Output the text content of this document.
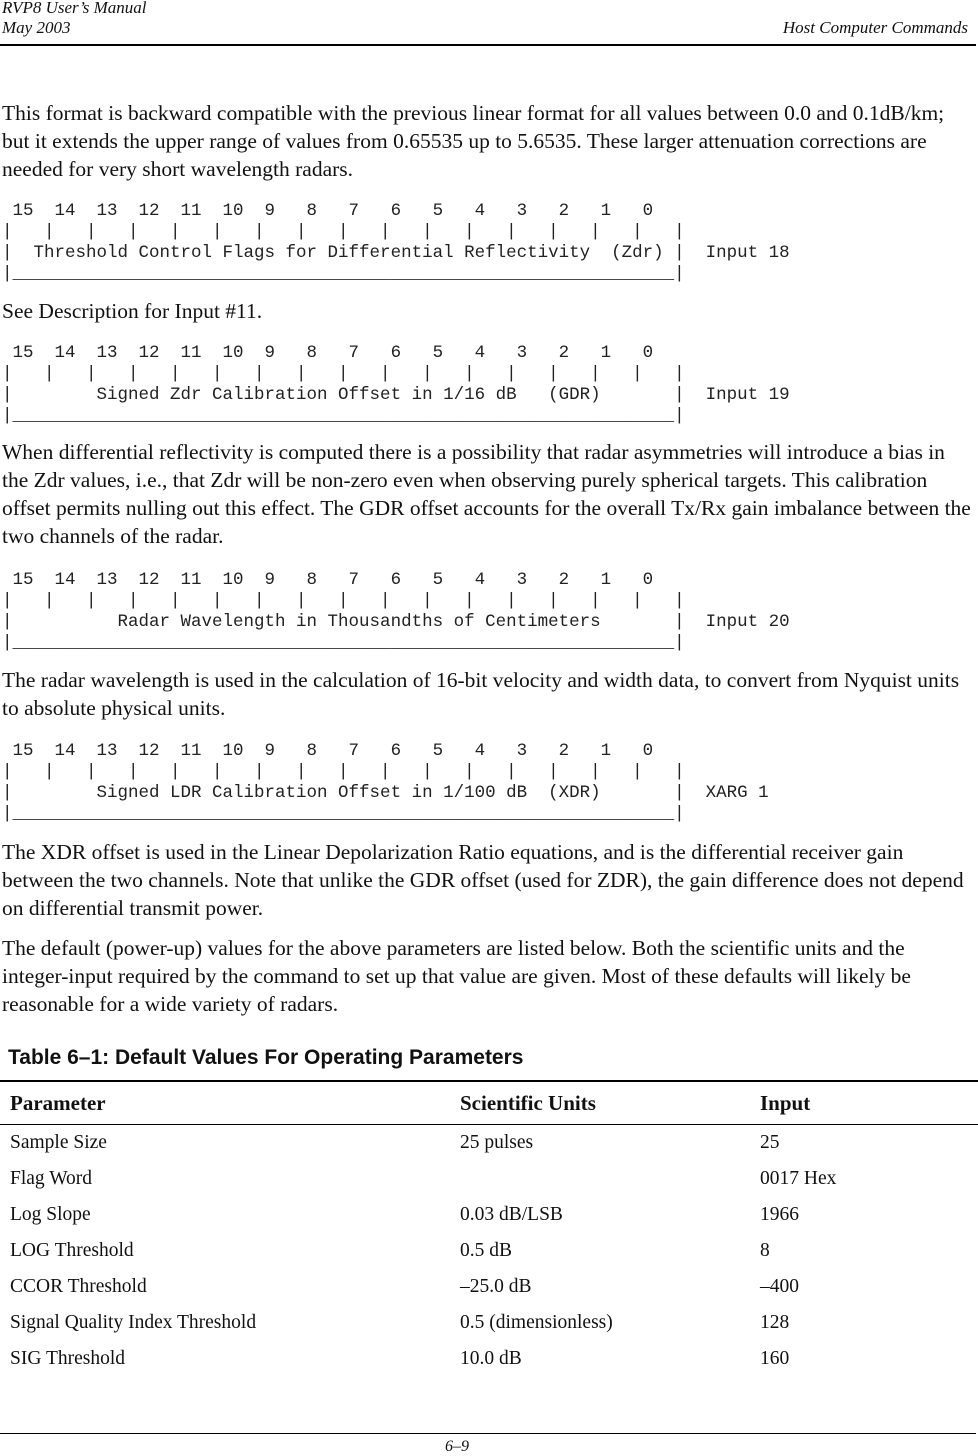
RVP8 User’s Manual
May 2003	Host Computer Commands

This format is backward compatible with the previous linear format for all values between 0.0 and 0.1dB/km; but it extends the upper range of values from 0.65535 up to 5.6535. These larger attenuation corrections are needed for very short wavelength radars.

15  14  13  12  11  10  9   8   7   6   5   4   3   2   1   0
|   |   |   |   |   |   |   |   |   |   |   |   |   |   |   |   |
|  Threshold Control Flags for Differential Reflectivity  (Zdr) |  Input 18
|_______________________________________________________________|

See Description for Input #11.

15  14  13  12  11  10  9   8   7   6   5   4   3   2   1   0
|   |   |   |   |   |   |   |   |   |   |   |   |   |   |   |   |
|        Signed Zdr Calibration Offset in 1/16 dB   (GDR)       |  Input 19
|_______________________________________________________________|

When differential reflectivity is computed there is a possibility that radar asymmetries will introduce a bias in the Zdr values, i.e., that Zdr will be non-zero even when observing purely spherical targets. This calibration offset permits nulling out this effect. The GDR offset accounts for the overall Tx/Rx gain imbalance between the two channels of the radar.

15  14  13  12  11  10  9   8   7   6   5   4   3   2   1   0
|   |   |   |   |   |   |   |   |   |   |   |   |   |   |   |   |
|          Radar Wavelength in Thousandths of Centimeters       |  Input 20
|_______________________________________________________________|

The radar wavelength is used in the calculation of 16-bit velocity and width data, to convert from Nyquist units to absolute physical units.

15  14  13  12  11  10  9   8   7   6   5   4   3   2   1   0
|   |   |   |   |   |   |   |   |   |   |   |   |   |   |   |   |
|        Signed LDR Calibration Offset in 1/100 dB  (XDR)       |  XARG 1
|_______________________________________________________________|

The XDR offset is used in the Linear Depolarization Ratio equations, and is the differential receiver gain between the two channels. Note that unlike the GDR offset (used for ZDR), the gain difference does not depend on differential transmit power.

The default (power-up) values for the above parameters are listed below. Both the scientific units and the integer-input required by the command to set up that value are given. Most of these defaults will likely be reasonable for a wide variety of radars.

Table 6–1: Default Values For Operating Parameters
Parameter	Scientific Units	Input
Sample Size	25 pulses	25
Flag Word		0017 Hex
Log Slope	0.03 dB/LSB	1966
LOG Threshold	0.5 dB	8
CCOR Threshold	–25.0 dB	–400
Signal Quality Index Threshold	0.5 (dimensionless)	128
SIG Threshold	10.0 dB	160
6–9
